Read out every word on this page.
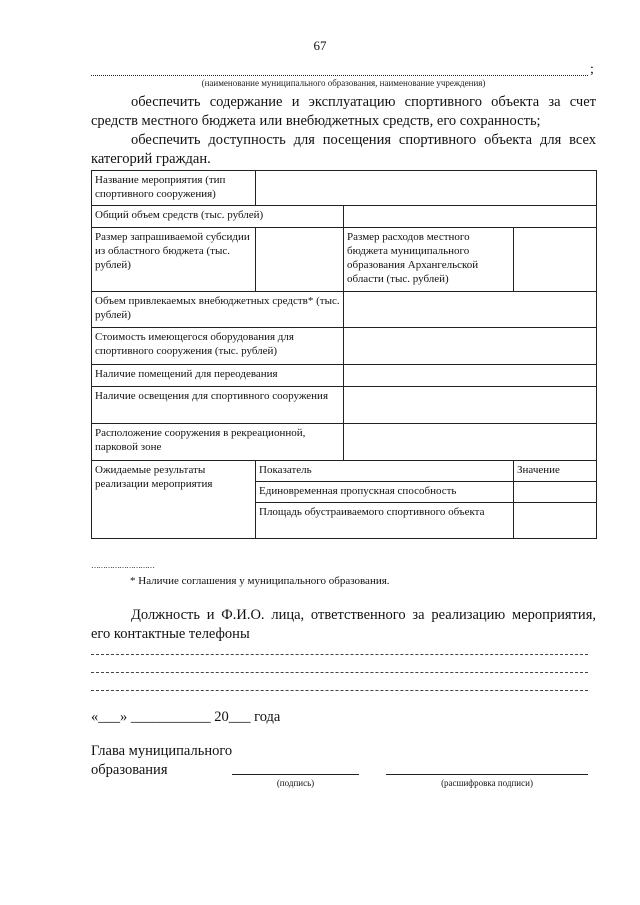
67
;
(наименование муниципального образования, наименование учреждения)

обеспечить содержание и эксплуатацию спортивного объекта за счет средств местного бюджета или внебюджетных средств, его сохранность;

обеспечить доступность для посещения спортивного объекта для всех категорий граждан.

Название мероприятия (тип спортивного сооружения)			
Общий объем средств (тыс. рублей)			
Размер запрашиваемой субсидии из областного бюджета (тыс. рублей)		Размер расходов местного бюджета муниципального образования Архангельской области (тыс. рублей)	
Объем привлекаемых внебюджетных средств* (тыс. рублей)			
Стоимость имеющегося оборудования для спортивного сооружения (тыс. рублей)			
Наличие помещений для переодевания			
Наличие освещения для спортивного сооружения			
Расположение сооружения в рекреационной, парковой зоне			
Ожидаемые результаты реализации мероприятия	Показатель		Значение
	Единовременная пропускная способность		
	Площадь обустраиваемого спортивного объекта		
………………………
* Наличие соглашения у муниципального образования.

Должность и Ф.И.О. лица, ответственного за реализацию мероприятия, его контактные телефоны

«___» ___________ 20___ года
Глава муниципального
образования
(подпись)	(расшифровка подписи)
